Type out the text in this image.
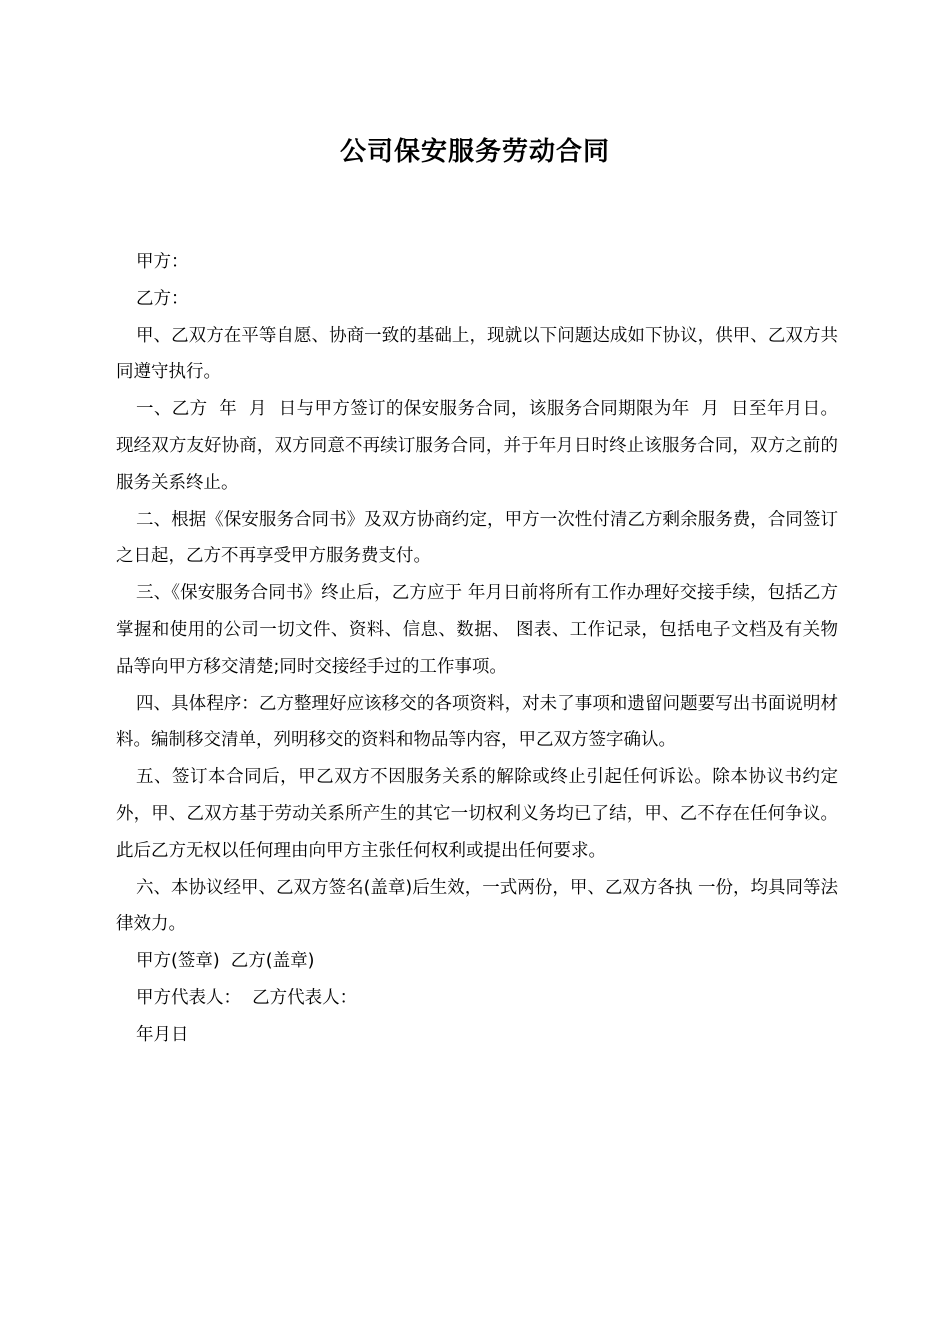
公司保安服务劳动合同

甲方：

乙方：

甲、乙双方在平等自愿、协商一致的基础上，现就以下问题达成如下协议，供甲、乙双方共同遵守执行。

一、乙方  年  月  日与甲方签订的保安服务合同，该服务合同期限为年  月  日至年月日。现经双方友好协商，双方同意不再续订服务合同，并于年月日时终止该服务合同，双方之前的服务关系终止。

二、根据《保安服务合同书》及双方协商约定，甲方一次性付清乙方剩余服务费，合同签订之日起，乙方不再享受甲方服务费支付。

三、《保安服务合同书》终止后，乙方应于 年月日前将所有工作办理好交接手续，包括乙方掌握和使用的公司一切文件、资料、信息、数据、 图表、工作记录，包括电子文档及有关物品等向甲方移交清楚;同时交接经手过的工作事项。

四、具体程序：乙方整理好应该移交的各项资料，对未了事项和遗留问题要写出书面说明材料。编制移交清单，列明移交的资料和物品等内容，甲乙双方签字确认。

五、签订本合同后，甲乙双方不因服务关系的解除或终止引起任何诉讼。除本协议书约定外，甲、乙双方基于劳动关系所产生的其它一切权利义务均已了结，甲、乙不存在任何争议。此后乙方无权以任何理由向甲方主张任何权利或提出任何要求。

六、本协议经甲、乙双方签名(盖章)后生效，一式两份，甲、乙双方各执 一份，均具同等法律效力。

甲方(签章)  乙方(盖章)

甲方代表人：  乙方代表人：

年月日
